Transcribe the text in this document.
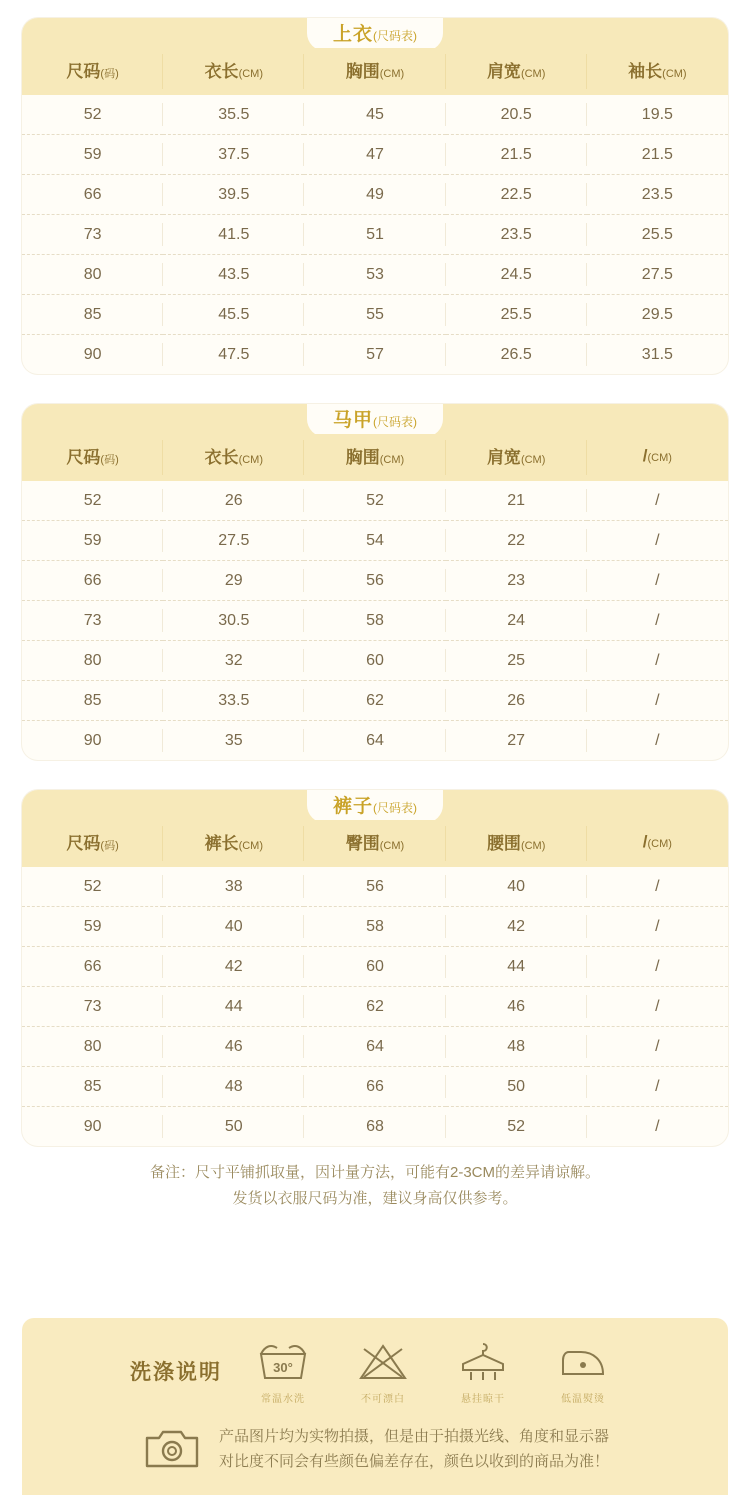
上衣(尺码表)
尺码(码)	衣长(CM)	胸围(CM)	肩宽(CM)	袖长(CM)
52	35.5	45	20.5	19.5
59	37.5	47	21.5	21.5
66	39.5	49	22.5	23.5
73	41.5	51	23.5	25.5
80	43.5	53	24.5	27.5
85	45.5	55	25.5	29.5
90	47.5	57	26.5	31.5
马甲(尺码表)
尺码(码)	衣长(CM)	胸围(CM)	肩宽(CM)	/(CM)
52	26	52	21	/
59	27.5	54	22	/
66	29	56	23	/
73	30.5	58	24	/
80	32	60	25	/
85	33.5	62	26	/
90	35	64	27	/
裤子(尺码表)
尺码(码)	裤长(CM)	臀围(CM)	腰围(CM)	/(CM)
52	38	56	40	/
59	40	58	42	/
66	42	60	44	/
73	44	62	46	/
80	46	64	48	/
85	48	66	50	/
90	50	68	52	/
备注：尺寸平铺抓取量，因计量方法，可能有2-3CM的差异请谅解。
发货以衣服尺码为准，建议身高仅供参考。
洗涤说明	30°
常温水洗	不可漂白	悬挂晾干	低温熨烫
产品图片均为实物拍摄，但是由于拍摄光线、角度和显示器
对比度不同会有些颜色偏差存在，颜色以收到的商品为准！
